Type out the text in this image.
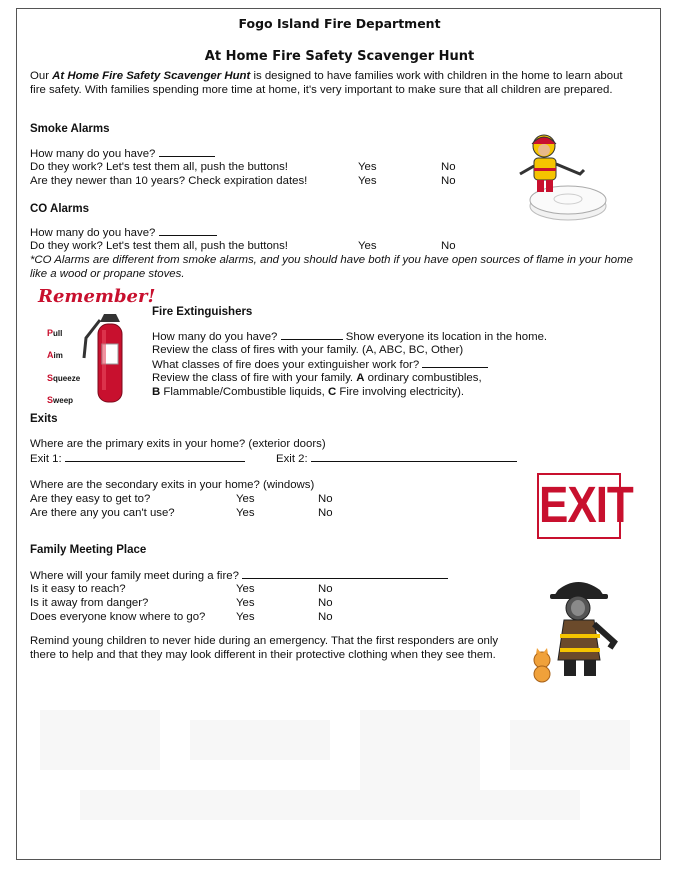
Fogo Island Fire Department
At Home Fire Safety Scavenger Hunt
Our At Home Fire Safety Scavenger Hunt is designed to have families work with children in the home to learn about fire safety. With families spending more time at home, it's very important to make sure that all children are prepared.
Smoke Alarms
How many do you have?
Do they work? Let's test them all, push the buttons!	Yes	No
Are they newer than 10 years? Check expiration dates!	Yes	No
CO Alarms
How many do you have?
Do they work? Let's test them all, push the buttons!	Yes	No
*CO Alarms are different from smoke alarms, and you should have both if you have open sources of flame in your home like a wood or propane stoves.
Remember!
Pull
Aim
Squeeze
Sweep
Fire Extinguishers
How many do you have?	Show everyone its location in the home.
Review the class of fires with your family. (A, ABC, BC, Other)
What classes of fire does your extinguisher work for?
Review the class of fire with your family. A ordinary combustibles,
B Flammable/Combustible liquids, C Fire involving electricity).
Exits
Where are the primary exits in your home? (exterior doors)
Exit 1:	Exit 2:
Where are the secondary exits in your home? (windows)
Are they easy to get to?	Yes	No
Are there any you can't use?	Yes	No	EXIT
Family Meeting Place
Where will your family meet during a fire?
Is it easy to reach?	Yes	No
Is it away from danger?	Yes	No
Does everyone know where to go?	Yes	No
Remind young children to never hide during an emergency. That the first responders are only there to help and that they may look different in their protective clothing when they see them.
